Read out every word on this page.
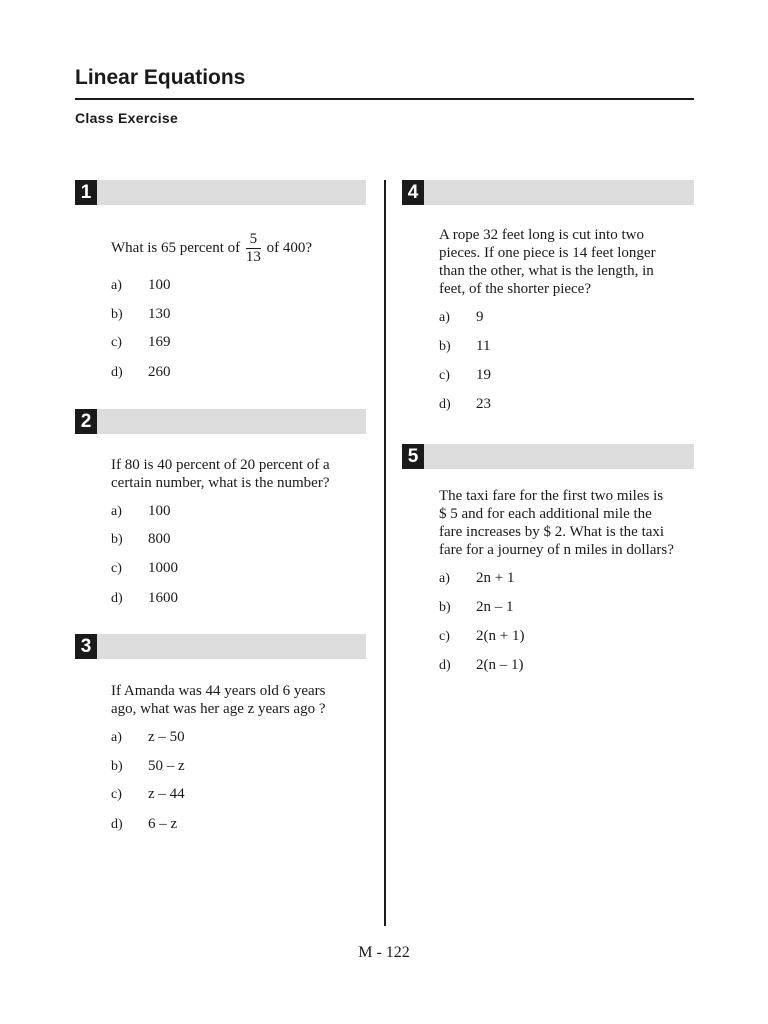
Linear Equations
Class Exercise
1
What is 65 percent of $\frac{5}{13}$ of 400?
a) 100
b) 130
c) 169
d) 260
2
If 80 is 40 percent of 20 percent of a
certain number, what is the number?
a) 100
b) 800
c) 1000
d) 1600
3
If Amanda was 44 years old 6 years
ago, what was her age z years ago ?
a) z – 50
b) 50 – z
c) z – 44
d) 6 – z
4
A rope 32 feet long is cut into two
pieces. If one piece is 14 feet longer
than the other, what is the length, in
feet, of the shorter piece?
a) 9
b) 11
c) 19
d) 23
5
The taxi fare for the first two miles is
$ 5 and for each additional mile the
fare increases by $ 2. What is the taxi
fare for a journey of n miles in dollars?
a) 2n + 1
b) 2n – 1
c) 2(n + 1)
d) 2(n – 1)
M - 122
